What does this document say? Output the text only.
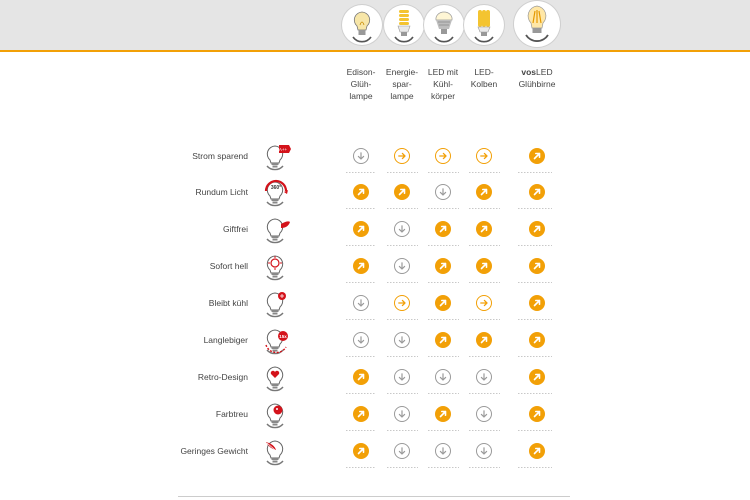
Edison-
Glüh-
lampe
Energie-
spar-
lampe
LED mit
Kühl-
körper
LED-
Kolben
vosLED
Glühbirne
Strom sparend
A++
Rundum Licht	360°
Giftfrei
Sofort hell
Bleibt kühl
Langlebiger	15x
Retro-Design
Farbtreu
Geringes Gewicht
